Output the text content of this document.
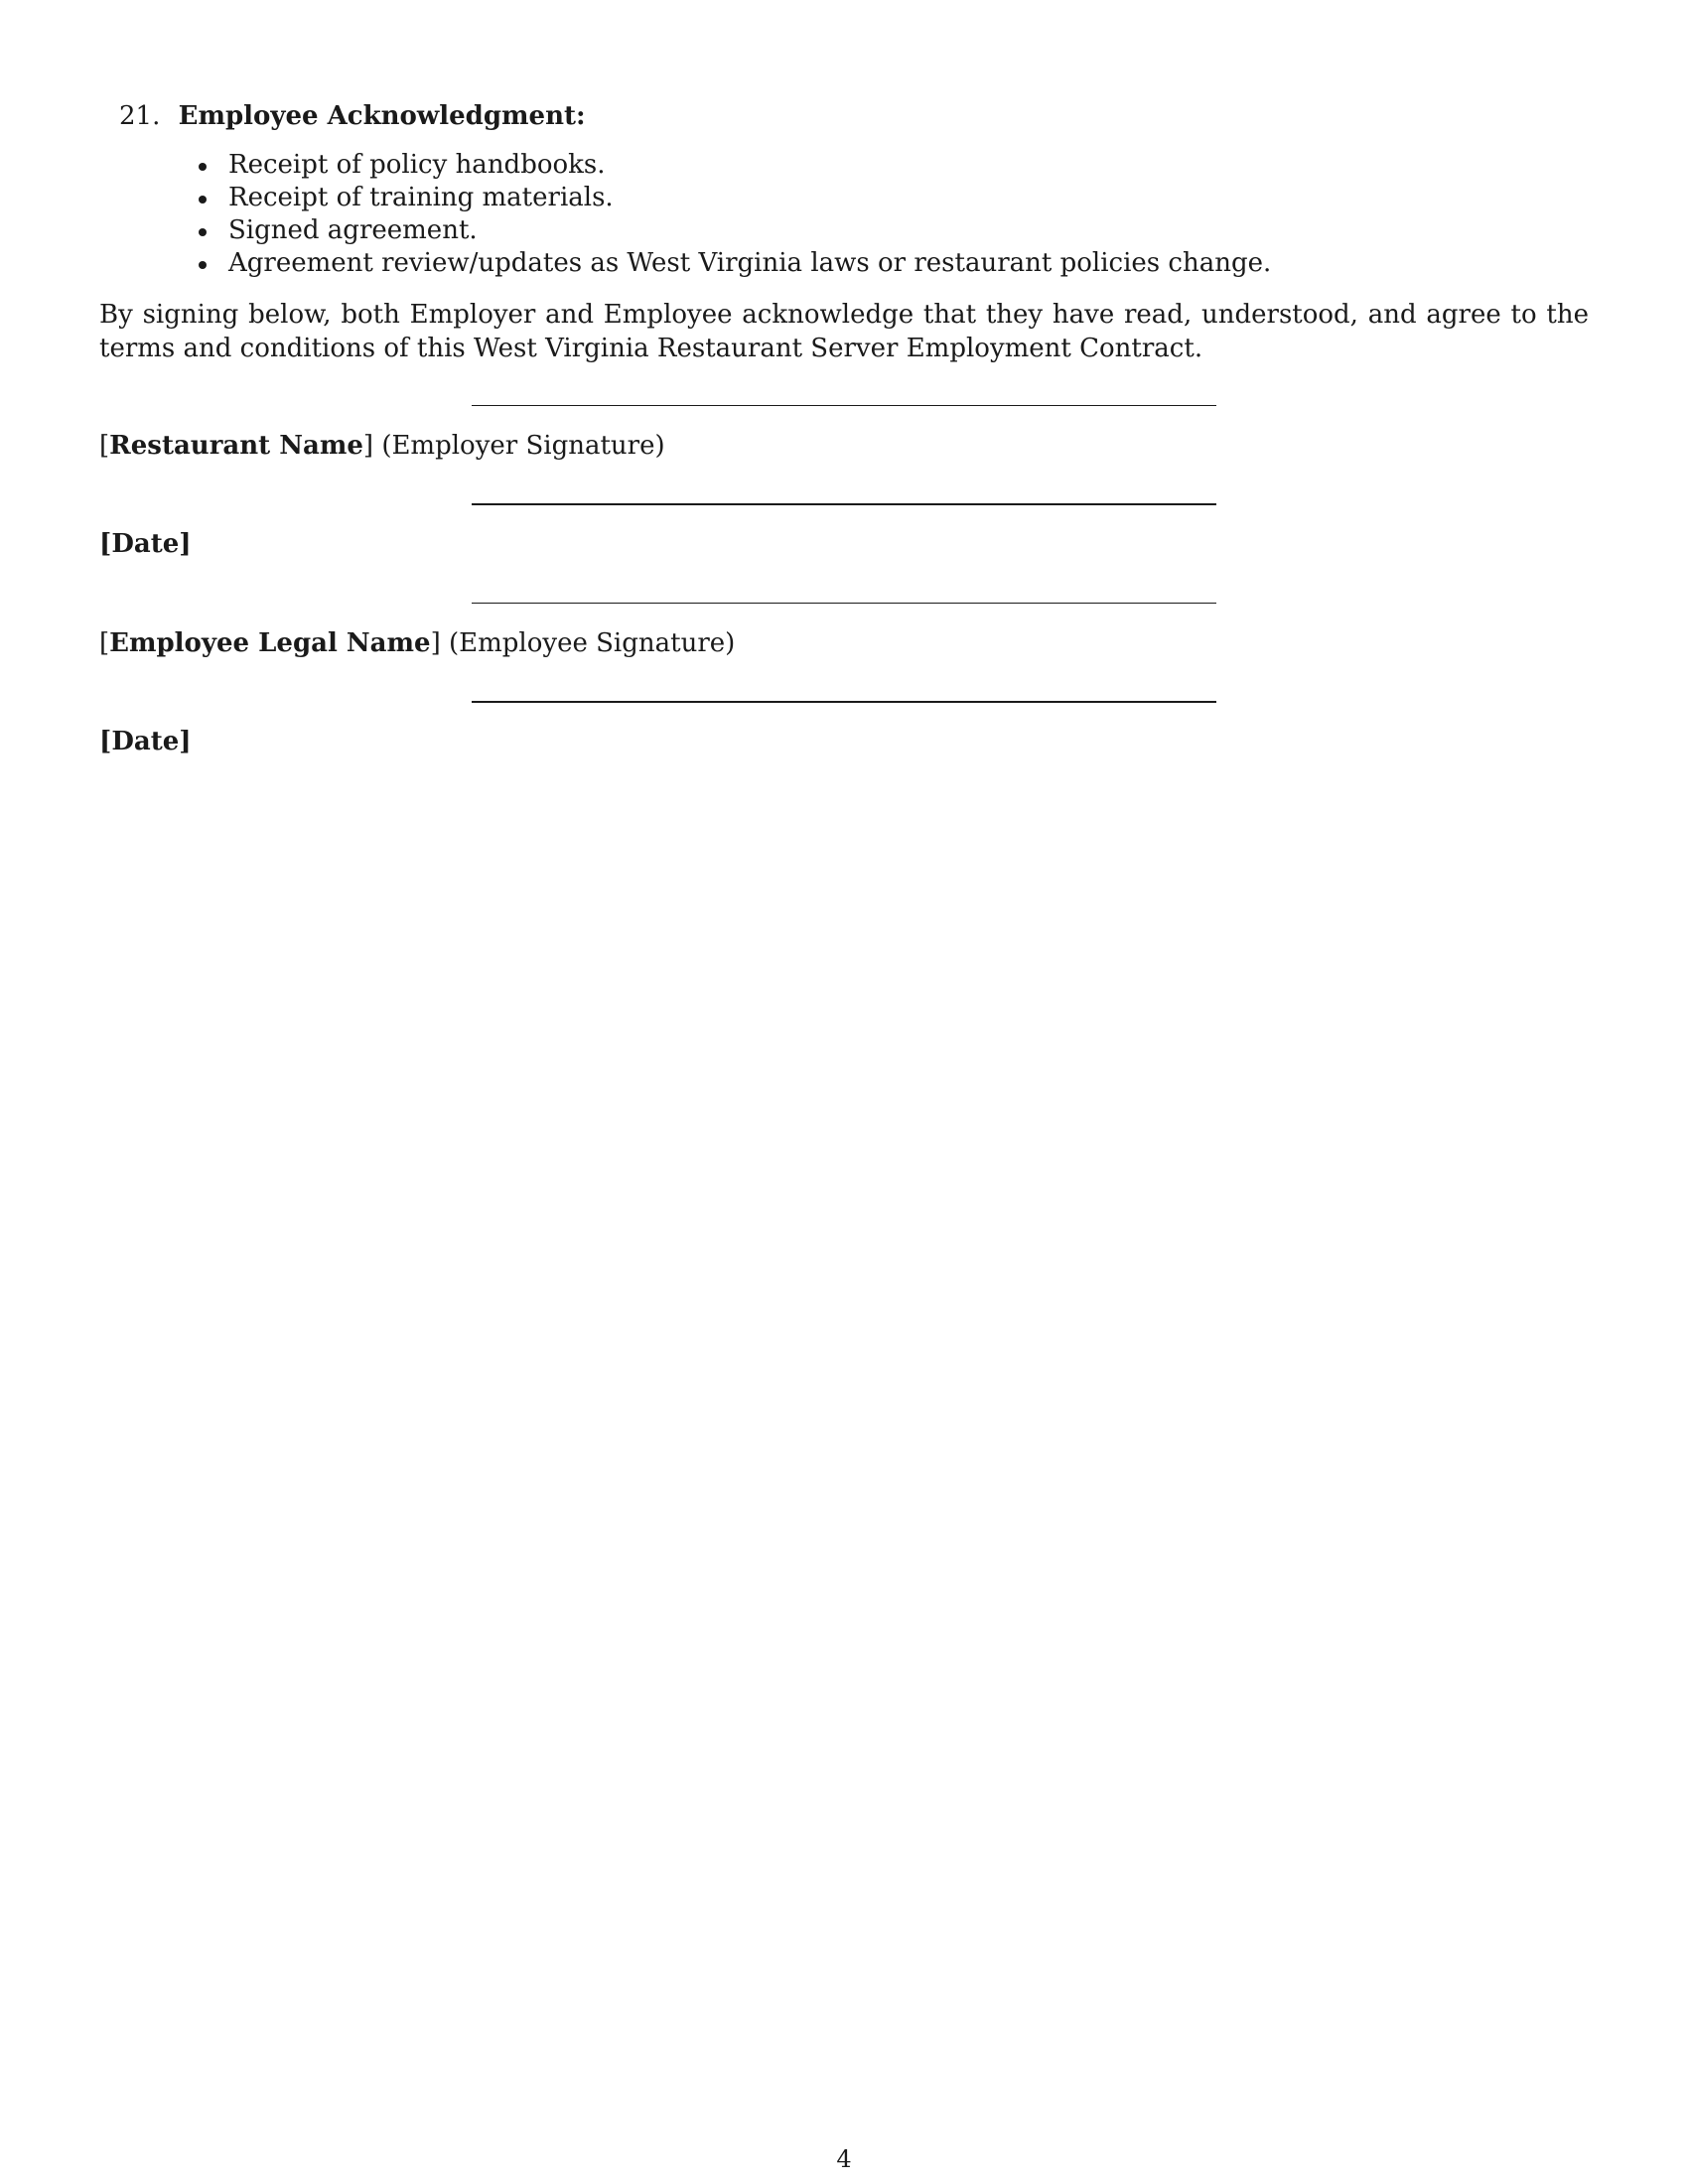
21. Employee Acknowledgment:
Receipt of policy handbooks.
Receipt of training materials.
Signed agreement.
Agreement review/updates as West Virginia laws or restaurant policies change.

By signing below, both Employer and Employee acknowledge that they have read, understood, and agree to the terms and conditions of this West Virginia Restaurant Server Employment Contract.

[Restaurant Name] (Employer Signature)
[Date]
[Employee Legal Name] (Employee Signature)
[Date]
4
